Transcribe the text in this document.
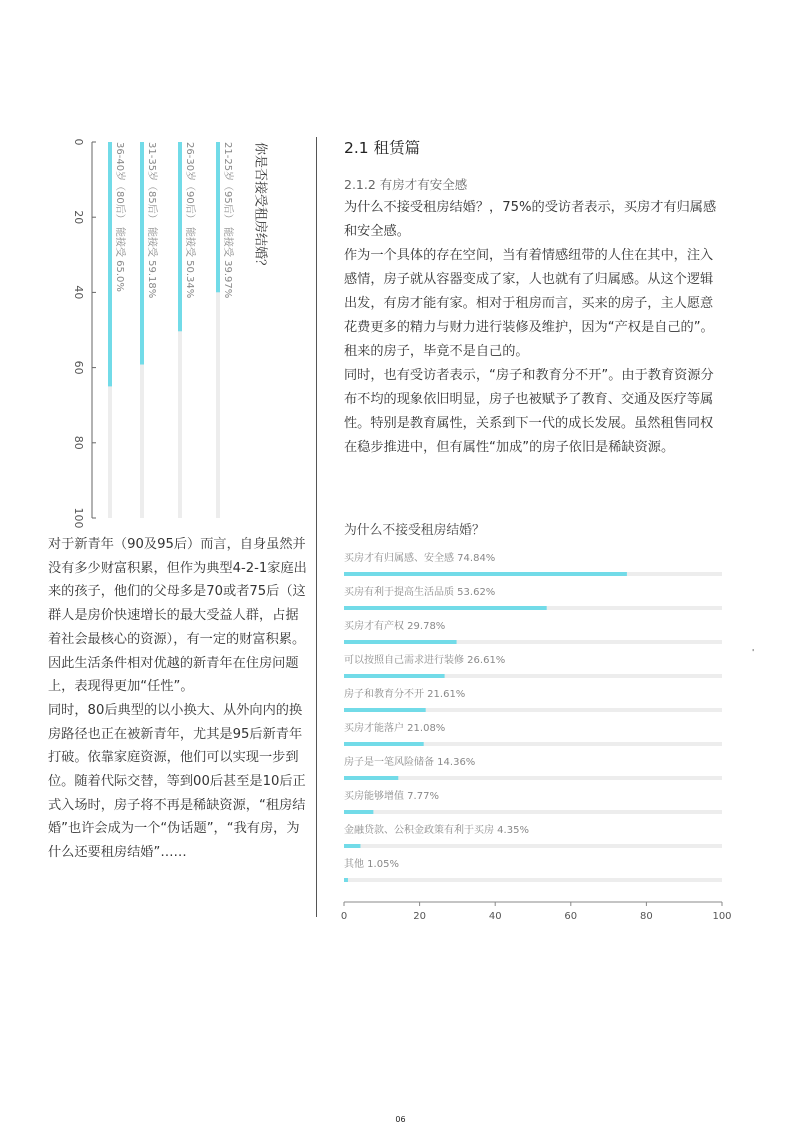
0
20
40
60
80
100
21-25岁（95后） 能接受 39.97%
26-30岁（90后） 能接受 50.34%
31-35岁（85后） 能接受 59.18%
36-40岁（80后） 能接受 65.0%	你是否接受租房结婚？

对于新青年（90及95后）而言，自身虽然并没有多少财富积累，但作为典型4-2-1家庭出来的孩子，他们的父母多是70或者75后（这群人是房价快速增长的最大受益人群，占据着社会最核心的资源），有一定的财富积累。因此生活条件相对优越的新青年在住房问题上，表现得更加“任性”。

同时，80后典型的以小换大、从外向内的换房路径也正在被新青年，尤其是95后新青年打破。依靠家庭资源，他们可以实现一步到位。随着代际交替，等到00后甚至是10后正式入场时，房子将不再是稀缺资源，“租房结婚”也许会成为一个“伪话题”，“我有房，为什么还要租房结婚”……

2.1 租赁篇
2.1.2 有房才有安全感

为什么不接受租房结婚？，75%的受访者表示，买房才有归属感和安全感。

作为一个具体的存在空间，当有着情感纽带的人住在其中，注入感情，房子就从容器变成了家，人也就有了归属感。从这个逻辑出发，有房才能有家。相对于租房而言，买来的房子，主人愿意花费更多的精力与财力进行装修及维护，因为“产权是自己的”。租来的房子，毕竟不是自己的。

同时，也有受访者表示，“房子和教育分不开”。由于教育资源分布不均的现象依旧明显，房子也被赋予了教育、交通及医疗等属性。特别是教育属性，关系到下一代的成长发展。虽然租售同权在稳步推进中，但有属性“加成”的房子依旧是稀缺资源。

为什么不接受租房结婚？
买房才有归属感、安全感 74.84%
买房有利于提高生活品质 53.62%
买房才有产权 29.78%
可以按照自己需求进行装修 26.61%
房子和教育分不开 21.61%
买房才能落户 21.08%
房子是一笔风险储备 14.36%
买房能够增值 7.77%
金融贷款、公积金政策有利于买房 4.35%
其他 1.05%
0	20	40	60	80	100
'
06
